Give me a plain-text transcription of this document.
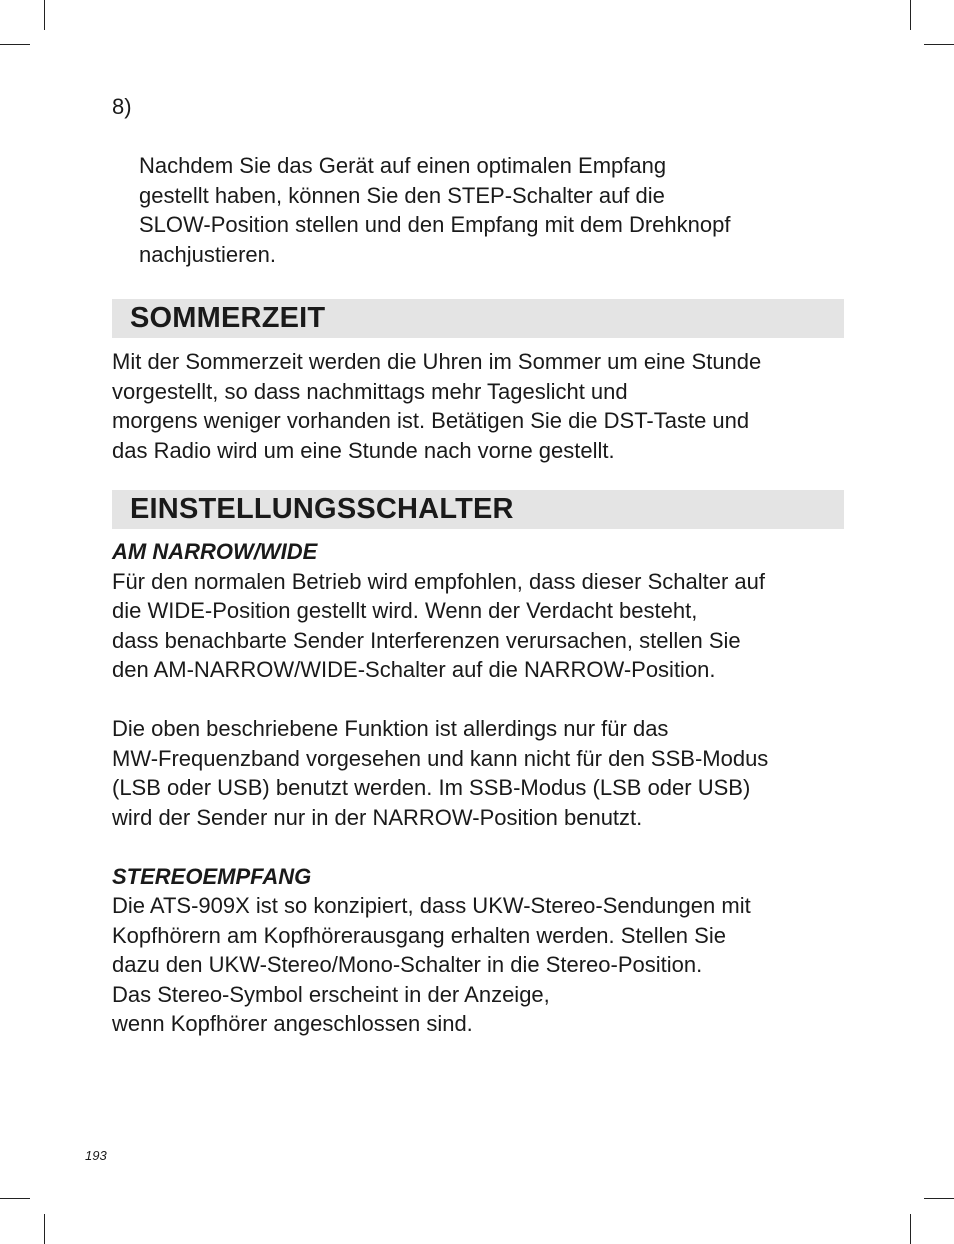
8)

Nachdem Sie das Gerät auf einen optimalen Empfang
gestellt haben, können Sie den STEP-Schalter auf die
SLOW-Position stellen und den Empfang mit dem Drehknopf
nachjustieren.

SOMMERZEIT

Mit der Sommerzeit werden die Uhren im Sommer um eine Stunde
vorgestellt, so dass nachmittags mehr Tageslicht und
morgens weniger vorhanden ist. Betätigen Sie die DST-Taste und
das Radio wird um eine Stunde nach vorne gestellt.

EINSTELLUNGSSCHALTER

AM NARROW/WIDE

Für den normalen Betrieb wird empfohlen, dass dieser Schalter auf
die WIDE-Position gestellt wird. Wenn der Verdacht besteht,
dass benachbarte Sender Interferenzen verursachen, stellen Sie
den AM-NARROW/WIDE-Schalter auf die NARROW-Position.

Die oben beschriebene Funktion ist allerdings nur für das
MW-Frequenzband vorgesehen und kann nicht für den SSB-Modus
(LSB oder USB) benutzt werden. Im SSB-Modus (LSB oder USB)
wird der Sender nur in der NARROW-Position benutzt.

STEREOEMPFANG

Die ATS-909X ist so konzipiert, dass UKW-Stereo-Sendungen mit
Kopfhörern am Kopfhörerausgang erhalten werden. Stellen Sie
dazu den UKW-Stereo/Mono-Schalter in die Stereo-Position.
Das Stereo-Symbol erscheint in der Anzeige,
wenn Kopfhörer angeschlossen sind.

193
